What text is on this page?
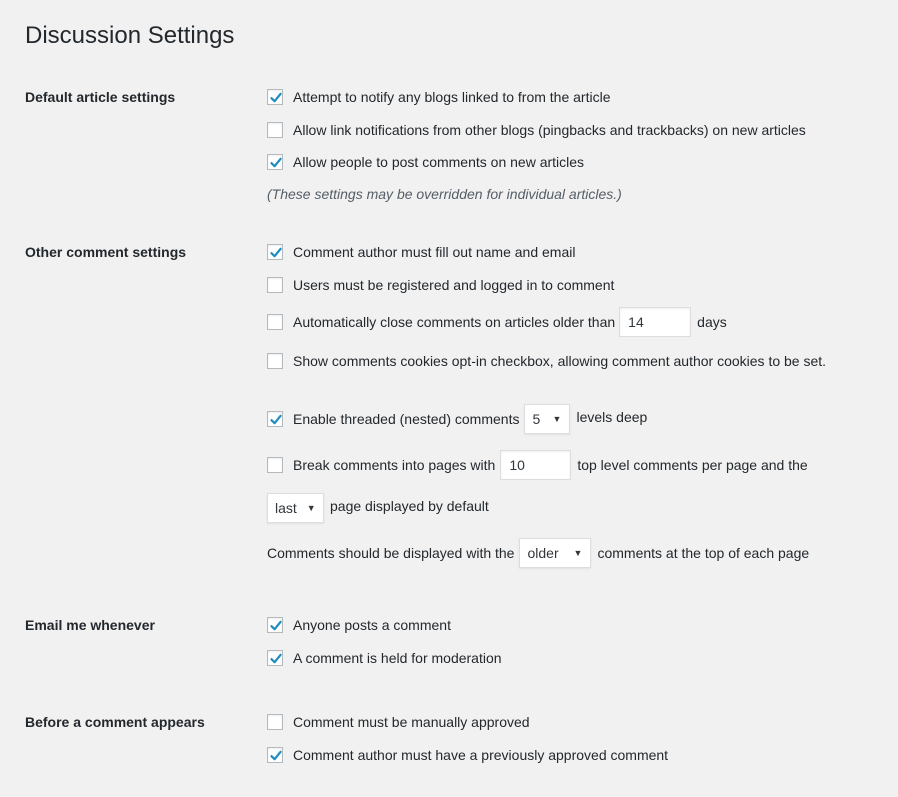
Discussion Settings
Default article settings	Attempt to notify any blogs linked to from the article
Allow link notifications from other blogs (pingbacks and trackbacks) on new articles
Allow people to post comments on new articles
(These settings may be overridden for individual articles.)
Other comment settings	Comment author must fill out name and email
Users must be registered and logged in to comment
Automatically close comments on articles older than 14	days
Show comments cookies opt-in checkbox, allowing comment author cookies to be set.
Enable threaded (nested) comments 5 ▼ levels deep
Break comments into pages with	10	top level comments per page and the
last ▼ page displayed by default
Comments should be displayed with the older ▼ comments at the top of each page
Email me whenever	Anyone posts a comment
A comment is held for moderation
Before a comment appears	Comment must be manually approved
Comment author must have a previously approved comment
